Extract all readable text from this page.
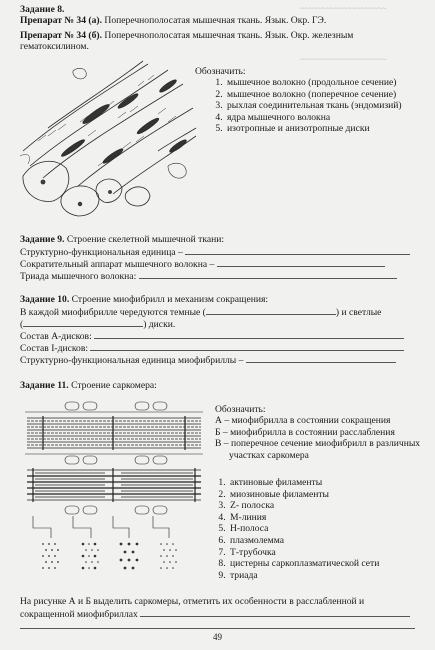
~~~~~~~~~~~~~~~~~~~~
~~~~~~~~~~~~~~~~~~~~
Задание 8.
Препарат № 34 (а). Поперечнополосатая мышечная ткань. Язык. Окр. ГЭ.
Препарат № 34 (б). Поперечнополосатая мышечная ткань. Язык. Окр. железным
гематоксилином.
Обозначить:
1. мышечное волокно (продольное сечение)
2. мышечное волокно (поперечное сечение)
3. рыхлая соединительная ткань (эндомизий)
4. ядра мышечного волокна
5. изотропные и анизотропные диски
Задание 9. Строение скелетной мышечной ткани:
Структурно-функциональная единица –
Сократительный аппарат мышечного волокна –
Триада мышечного волокна:
Задание 10. Строение миофибрилл и механизм сокращения:
В каждой миофибрилле чередуются темные (	) и светлые
(	) диски.
Состав А-дисков:
Состав I-дисков:
Структурно-функциональная единица миофибриллы –
Задание 11. Строение саркомера:
Обозначить:
А – миофибрилла в состоянии сокращения
Б – миофибрилла в состоянии расслабления
В – поперечное сечение миофибрилл в различных
участках саркомера
1. актиновые филаменты
2. миозиновые филаменты
3. Z- полоска
4. М-линия
5. Н-полоса
6. плазмолемма
7. Т-трубочка
8. цистерны саркоплазматической сети
9. триада
На рисунке А и Б выделить саркомеры, отметить их особенности в расслабленной и
сокращенной миофибриллах
49
